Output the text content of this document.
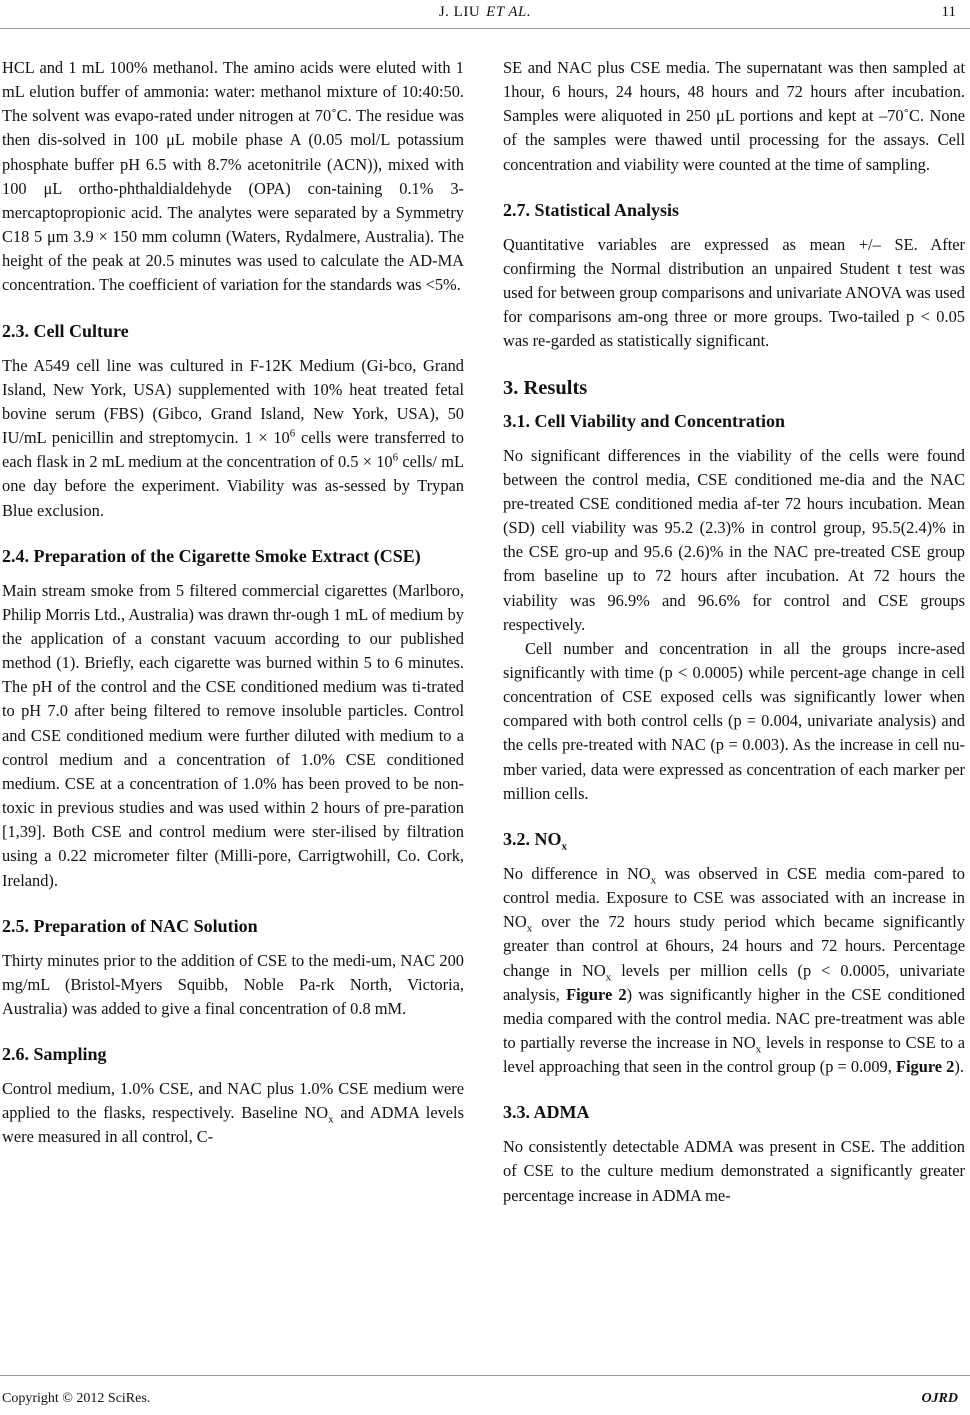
J. LIU ET AL.	11

HCL and 1 mL 100% methanol. The amino acids were eluted with 1 mL elution buffer of ammonia: water: methanol mixture of 10:40:50. The solvent was evapo-rated under nitrogen at 70˚C. The residue was then dis-solved in 100 μL mobile phase A (0.05 mol/L potassium phosphate buffer pH 6.5 with 8.7% acetonitrile (ACN)), mixed with 100 μL ortho-phthaldialdehyde (OPA) con-taining 0.1% 3-mercaptopropionic acid. The analytes were separated by a Symmetry C18 5 μm 3.9 × 150 mm column (Waters, Rydalmere, Australia). The height of the peak at 20.5 minutes was used to calculate the AD-MA concentration. The coefficient of variation for the standards was <5%.

2.3. Cell Culture

The A549 cell line was cultured in F-12K Medium (Gi-bco, Grand Island, New York, USA) supplemented with 10% heat treated fetal bovine serum (FBS) (Gibco, Grand Island, New York, USA), 50 IU/mL penicillin and streptomycin. $1 \times 10^6$ cells were transferred to each flask in 2 mL medium at the concentration of $0.5 \times 10^6$ cells/ mL one day before the experiment. Viability was as-sessed by Trypan Blue exclusion.

2.4. Preparation of the Cigarette Smoke Extract (CSE)

Main stream smoke from 5 filtered commercial cigarettes (Marlboro, Philip Morris Ltd., Australia) was drawn thr-ough 1 mL of medium by the application of a constant vacuum according to our published method (1). Briefly, each cigarette was burned within 5 to 6 minutes. The pH of the control and the CSE conditioned medium was ti-trated to pH 7.0 after being filtered to remove insoluble particles. Control and CSE conditioned medium were further diluted with medium to a control medium and a concentration of 1.0% CSE conditioned medium. CSE at a concentration of 1.0% has been proved to be non-toxic in previous studies and was used within 2 hours of pre-paration [1,39]. Both CSE and control medium were ster-ilised by filtration using a 0.22 micrometer filter (Milli-pore, Carrigtwohill, Co. Cork, Ireland).

2.5. Preparation of NAC Solution

Thirty minutes prior to the addition of CSE to the medi-um, NAC 200 mg/mL (Bristol-Myers Squibb, Noble Pa-rk North, Victoria, Australia) was added to give a final concentration of 0.8 mM.

2.6. Sampling

Control medium, 1.0% CSE, and NAC plus 1.0% CSE medium were applied to the flasks, respectively. Baseline $NO_x$ and ADMA levels were measured in all control, C-

SE and NAC plus CSE media. The supernatant was then sampled at 1hour, 6 hours, 24 hours, 48 hours and 72 hours after incubation. Samples were aliquoted in 250 μL portions and kept at –70˚C. None of the samples were thawed until processing for the assays. Cell concentration and viability were counted at the time of sampling.

2.7. Statistical Analysis

Quantitative variables are expressed as mean +/– SE. After confirming the Normal distribution an unpaired Student t test was used for between group comparisons and univariate ANOVA was used for comparisons am-ong three or more groups. Two-tailed p < 0.05 was re-garded as statistically significant.

3. Results
3.1. Cell Viability and Concentration

No significant differences in the viability of the cells were found between the control media, CSE conditioned me-dia and the NAC pre-treated CSE conditioned media af-ter 72 hours incubation. Mean (SD) cell viability was 95.2 (2.3)% in control group, 95.5(2.4)% in the CSE gro-up and 95.6 (2.6)% in the NAC pre-treated CSE group from baseline up to 72 hours after incubation. At 72 hours the viability was 96.9% and 96.6% for control and CSE groups respectively.

Cell number and concentration in all the groups incre-ased significantly with time (p < 0.0005) while percent-age change in cell concentration of CSE exposed cells was significantly lower when compared with both control cells (p = 0.004, univariate analysis) and the cells pre-treated with NAC (p = 0.003). As the increase in cell nu-mber varied, data were expressed as concentration of each marker per million cells.

3.2. $NO_x$

No difference in $NO_x$ was observed in CSE media com-pared to control media. Exposure to CSE was associated with an increase in $NO_x$ over the 72 hours study period which became significantly greater than control at 6hours, 24 hours and 72 hours. Percentage change in $NO_x$ levels per million cells (p < 0.0005, univariate analysis, Figure 2) was significantly higher in the CSE conditioned media compared with the control media. NAC pre-treatment was able to partially reverse the increase in $NO_x$ levels in response to CSE to a level approaching that seen in the control group (p = 0.009, Figure 2).

3.3. ADMA

No consistently detectable ADMA was present in CSE. The addition of CSE to the culture medium demonstrated a significantly greater percentage increase in ADMA me-

Copyright © 2012 SciRes.	OJRD
